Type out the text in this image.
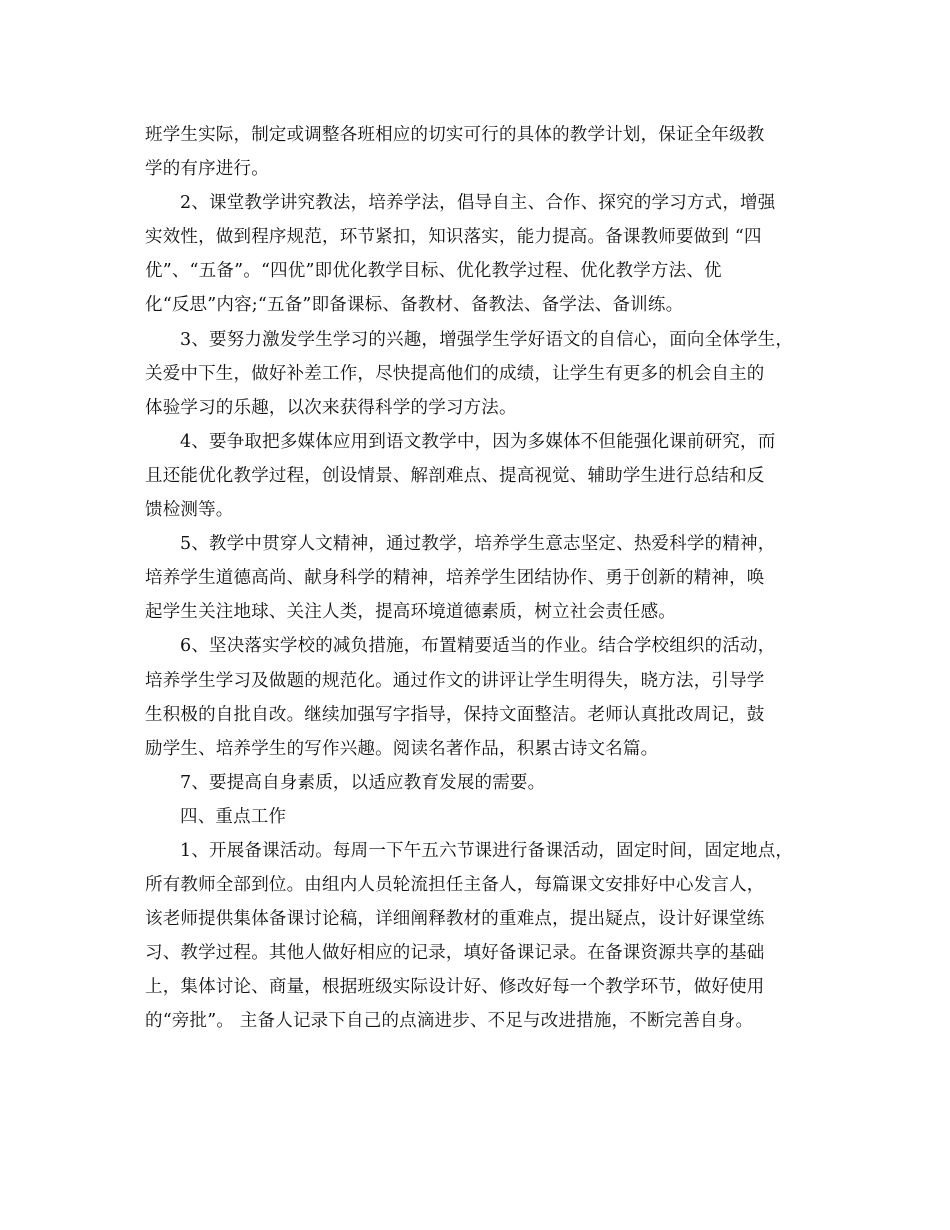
班学生实际，制定或调整各班相应的切实可行的具体的教学计划，保证全年级教
学的有序进行。
2、课堂教学讲究教法，培养学法，倡导自主、合作、探究的学习方式，增强
实效性，做到程序规范，环节紧扣，知识落实，能力提高。备课教师要做到 “四
优”、“五备”。“四优”即优化教学目标、优化教学过程、优化教学方法、优
化“反思”内容;“五备”即备课标、备教材、备教法、备学法、备训练。
3、要努力激发学生学习的兴趣，增强学生学好语文的自信心，面向全体学生，
关爱中下生，做好补差工作，尽快提高他们的成绩，让学生有更多的机会自主的
体验学习的乐趣，以次来获得科学的学习方法。
4、要争取把多媒体应用到语文教学中，因为多媒体不但能强化课前研究，而
且还能优化教学过程，创设情景、解剖难点、提高视觉、辅助学生进行总结和反
馈检测等。
5、教学中贯穿人文精神，通过教学，培养学生意志坚定、热爱科学的精神，
培养学生道德高尚、献身科学的精神，培养学生团结协作、勇于创新的精神，唤
起学生关注地球、关注人类，提高环境道德素质，树立社会责任感。
6、坚决落实学校的减负措施，布置精要适当的作业。结合学校组织的活动，
培养学生学习及做题的规范化。通过作文的讲评让学生明得失，晓方法，引导学
生积极的自批自改。继续加强写字指导，保持文面整洁。老师认真批改周记，鼓
励学生、培养学生的写作兴趣。阅读名著作品，积累古诗文名篇。
7、要提高自身素质，以适应教育发展的需要。
四、重点工作
1、开展备课活动。每周一下午五六节课进行备课活动，固定时间，固定地点，
所有教师全部到位。由组内人员轮流担任主备人，每篇课文安排好中心发言人，
该老师提供集体备课讨论稿，详细阐释教材的重难点，提出疑点，设计好课堂练
习、教学过程。其他人做好相应的记录，填好备课记录。在备课资源共享的基础
上，集体讨论、商量，根据班级实际设计好、修改好每一个教学环节，做好使用
的“旁批”。 主备人记录下自己的点滴进步、不足与改进措施，不断完善自身。
